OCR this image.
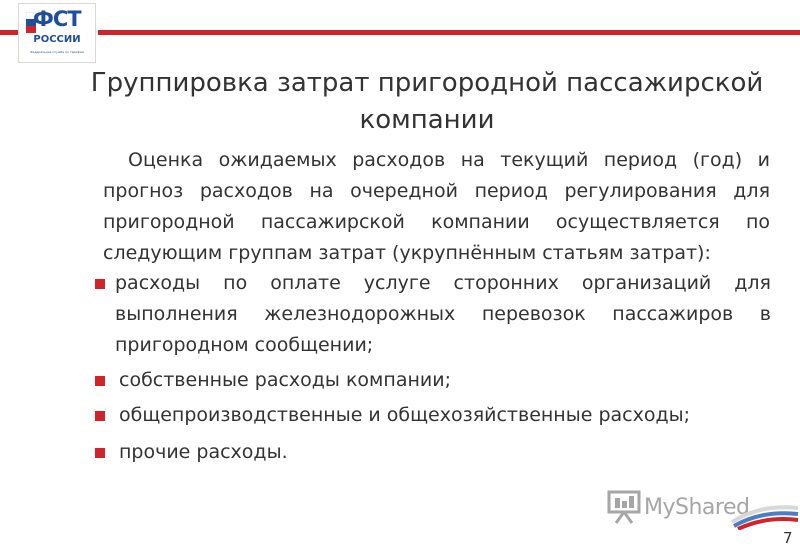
ФСТ
РОССИИ
Федеральная служба по тарифам
Группировка затрат пригородной пассажирской
компании
Оценка ожидаемых расходов на текущий период (год) и
прогноз расходов на очередной период регулирования для
пригородной пассажирской компании осуществляется по
следующим группам затрат (укрупнённым статьям затрат):
расходы по оплате услуге сторонних организаций для выполнения железнодорожных перевозок пассажиров в пригородном сообщении;
собственные расходы компании;
общепроизводственные и общехозяйственные расходы;
прочие расходы.
MyShared
7
